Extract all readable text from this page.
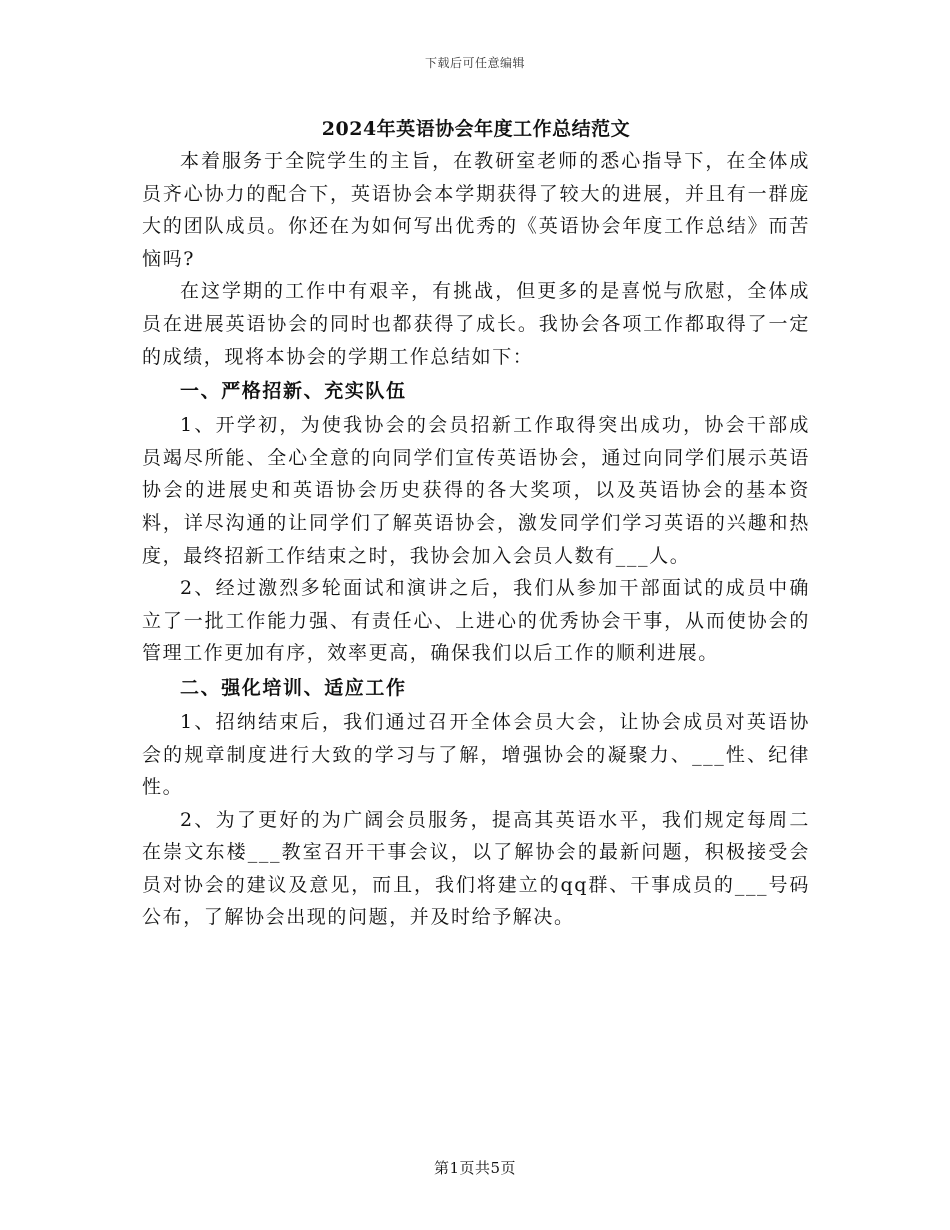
下载后可任意编辑
2024年英语协会年度工作总结范文

本着服务于全院学生的主旨，在教研室老师的悉心指导下，在全体成员齐心协力的配合下，英语协会本学期获得了较大的进展，并且有一群庞大的团队成员。你还在为如何写出优秀的《英语协会年度工作总结》而苦恼吗?

在这学期的工作中有艰辛，有挑战，但更多的是喜悦与欣慰，全体成员在进展英语协会的同时也都获得了成长。我协会各项工作都取得了一定的成绩，现将本协会的学期工作总结如下：

一、严格招新、充实队伍

1、开学初，为使我协会的会员招新工作取得突出成功，协会干部成员竭尽所能、全心全意的向同学们宣传英语协会，通过向同学们展示英语协会的进展史和英语协会历史获得的各大奖项，以及英语协会的基本资料，详尽沟通的让同学们了解英语协会，激发同学们学习英语的兴趣和热度，最终招新工作结束之时，我协会加入会员人数有___人。

2、经过激烈多轮面试和演讲之后，我们从参加干部面试的成员中确立了一批工作能力强、有责任心、上进心的优秀协会干事，从而使协会的管理工作更加有序，效率更高，确保我们以后工作的顺利进展。

二、强化培训、适应工作

1、招纳结束后，我们通过召开全体会员大会，让协会成员对英语协会的规章制度进行大致的学习与了解，增强协会的凝聚力、___性、纪律性。

2、为了更好的为广阔会员服务，提高其英语水平，我们规定每周二在崇文东楼___教室召开干事会议，以了解协会的最新问题，积极接受会员对协会的建议及意见，而且，我们将建立的qq群、干事成员的___号码公布，了解协会出现的问题，并及时给予解决。

第1页共5页
